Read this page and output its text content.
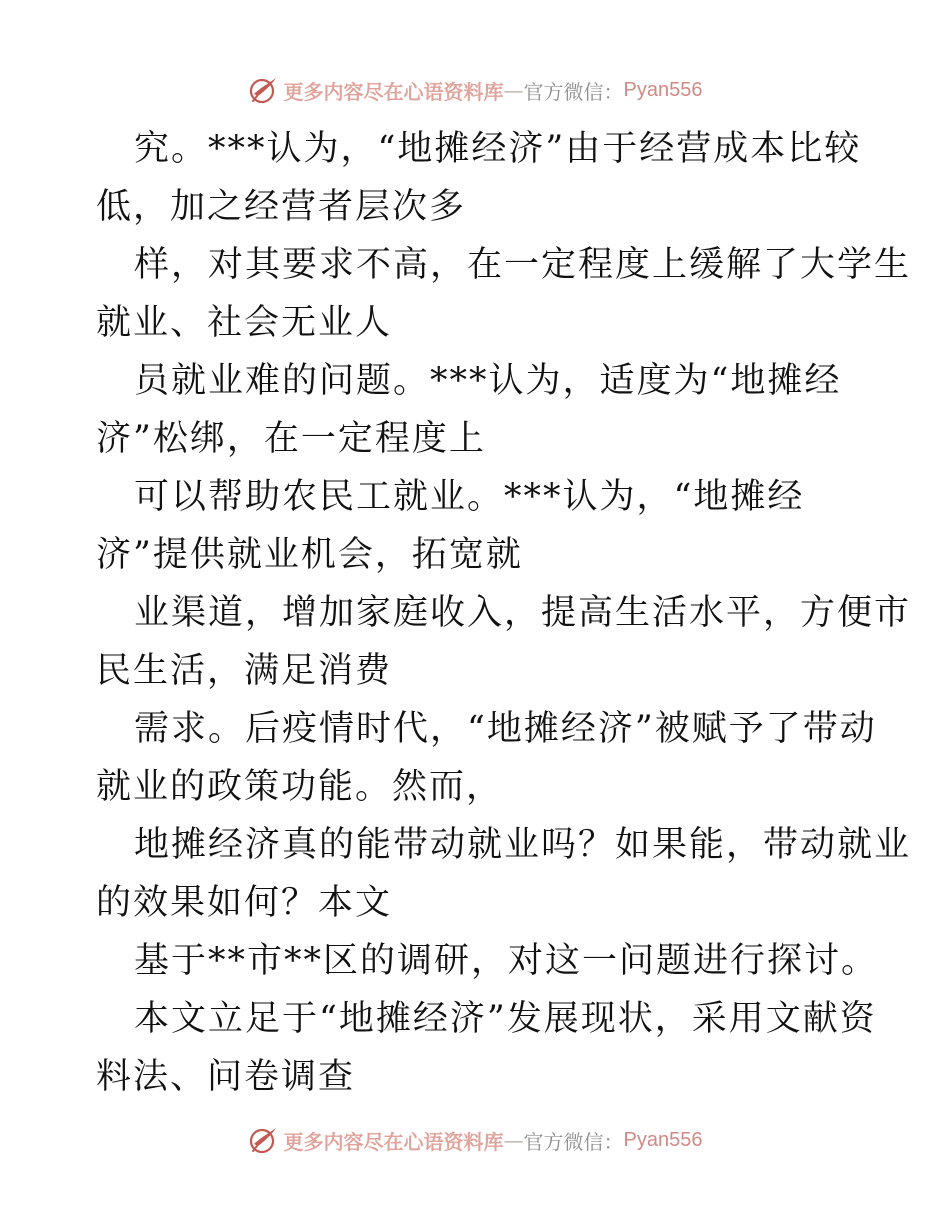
更多内容尽在心语资料库 — 官方微信： Pyan556
究。***认为，“地摊经济”由于经营成本比较
低，加之经营者层次多
样，对其要求不高，在一定程度上缓解了大学生
就业、社会无业人
员就业难的问题。***认为，适度为“地摊经
济”松绑，在一定程度上
可以帮助农民工就业。***认为，“地摊经
济”提供就业机会，拓宽就
业渠道，增加家庭收入，提高生活水平，方便市
民生活，满足消费
需求。后疫情时代，“地摊经济”被赋予了带动
就业的政策功能。然而，
地摊经济真的能带动就业吗？如果能，带动就业
的效果如何？本文
基于**市**区的调研，对这一问题进行探讨。
本文立足于“地摊经济”发展现状，采用文献资
料法、问卷调查
更多内容尽在心语资料库 — 官方微信： Pyan556
